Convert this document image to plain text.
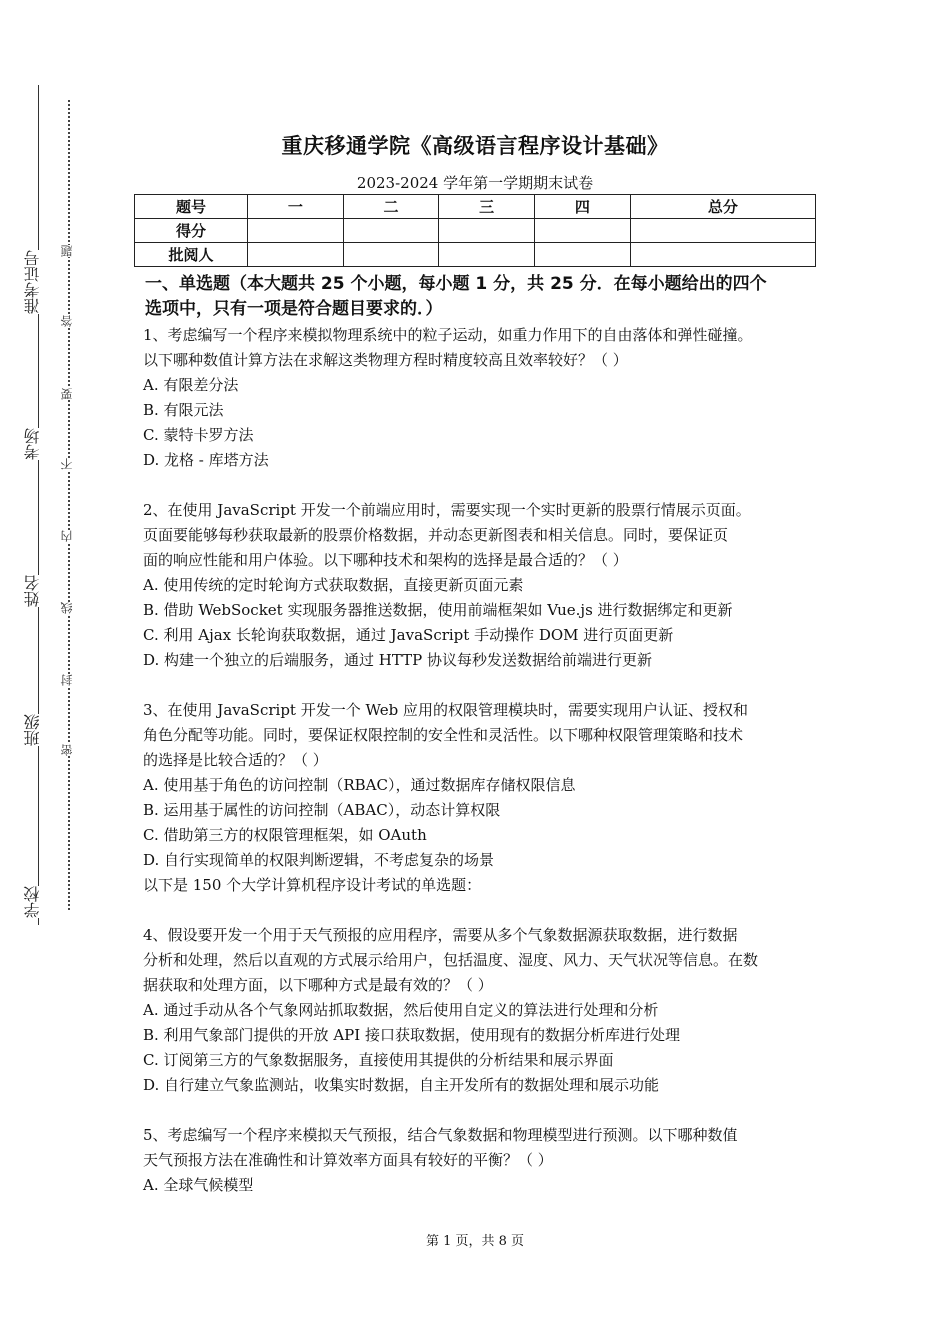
准考证号
考场
姓名
班级
学校
题
答
要
不
内
线
封
密
重庆移通学院《高级语言程序设计基础》
2023-2024 学年第一学期期末试卷
题号	一	二	三	四	总分
得分					
批阅人					
一、单选题（本大题共 25 个小题，每小题 1 分，共 25 分．在每小题给出的四个
选项中，只有一项是符合题目要求的．）
1、考虑编写一个程序来模拟物理系统中的粒子运动，如重力作用下的自由落体和弹性碰撞。
以下哪种数值计算方法在求解这类物理方程时精度较高且效率较好？（ ）
A. 有限差分法
B. 有限元法
C. 蒙特卡罗方法
D. 龙格 - 库塔方法
2、在使用 JavaScript 开发一个前端应用时，需要实现一个实时更新的股票行情展示页面。
页面要能够每秒获取最新的股票价格数据，并动态更新图表和相关信息。同时，要保证页
面的响应性能和用户体验。以下哪种技术和架构的选择是最合适的？（ ）
A. 使用传统的定时轮询方式获取数据，直接更新页面元素
B. 借助 WebSocket 实现服务器推送数据，使用前端框架如 Vue.js 进行数据绑定和更新
C. 利用 Ajax 长轮询获取数据，通过 JavaScript 手动操作 DOM 进行页面更新
D. 构建一个独立的后端服务，通过 HTTP 协议每秒发送数据给前端进行更新
3、在使用 JavaScript 开发一个 Web 应用的权限管理模块时，需要实现用户认证、授权和
角色分配等功能。同时，要保证权限控制的安全性和灵活性。以下哪种权限管理策略和技术
的选择是比较合适的？（ ）
A. 使用基于角色的访问控制（RBAC），通过数据库存储权限信息
B. 运用基于属性的访问控制（ABAC），动态计算权限
C. 借助第三方的权限管理框架，如 OAuth
D. 自行实现简单的权限判断逻辑，不考虑复杂的场景
以下是 150 个大学计算机程序设计考试的单选题：
4、假设要开发一个用于天气预报的应用程序，需要从多个气象数据源获取数据，进行数据
分析和处理，然后以直观的方式展示给用户，包括温度、湿度、风力、天气状况等信息。在数
据获取和处理方面，以下哪种方式是最有效的？（ ）
A. 通过手动从各个气象网站抓取数据，然后使用自定义的算法进行处理和分析
B. 利用气象部门提供的开放 API 接口获取数据，使用现有的数据分析库进行处理
C. 订阅第三方的气象数据服务，直接使用其提供的分析结果和展示界面
D. 自行建立气象监测站，收集实时数据，自主开发所有的数据处理和展示功能
5、考虑编写一个程序来模拟天气预报，结合气象数据和物理模型进行预测。以下哪种数值
天气预报方法在准确性和计算效率方面具有较好的平衡？（ ）
A. 全球气候模型
第 1 页，共 8 页
